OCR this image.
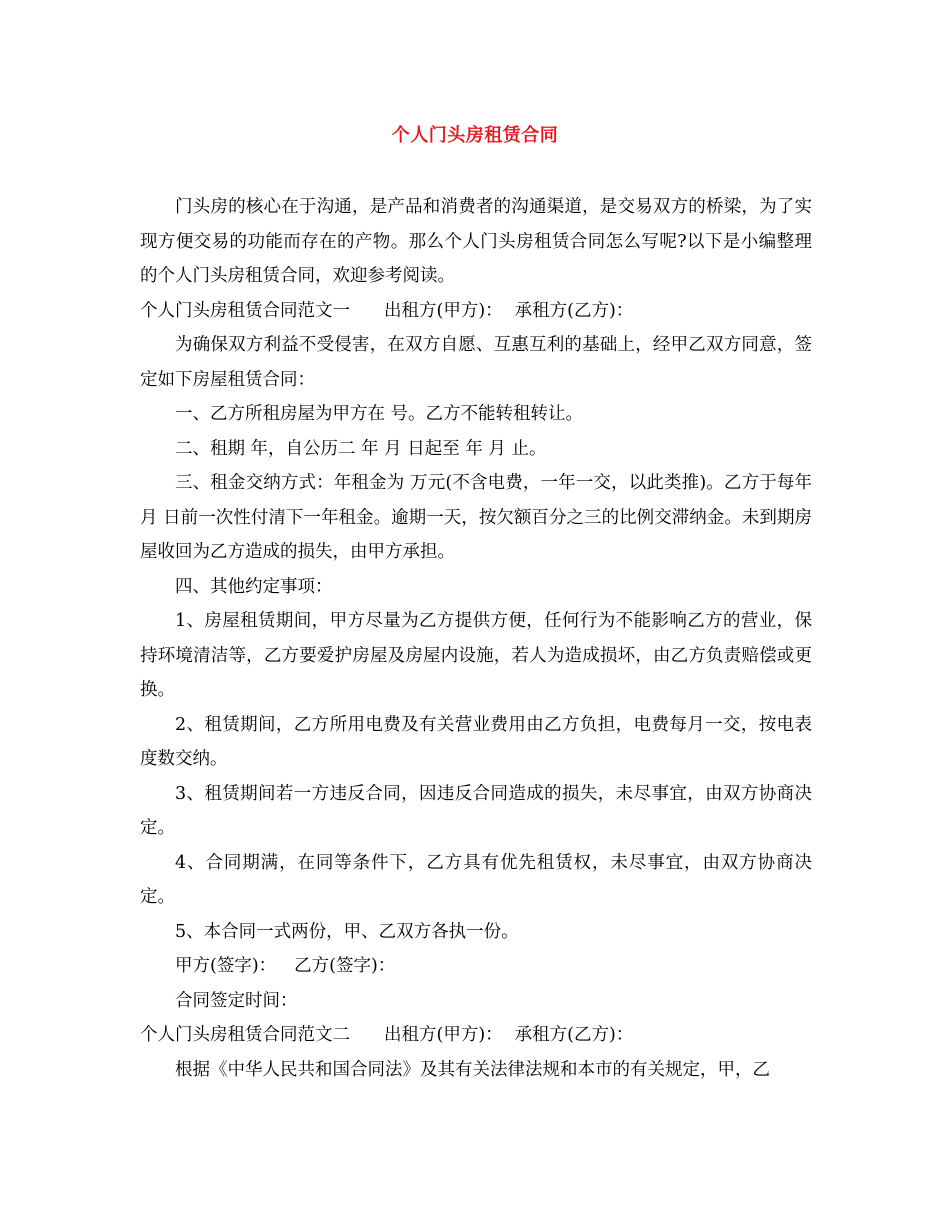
个人门头房租赁合同

门头房的核心在于沟通，是产品和消费者的沟通渠道，是交易双方的桥梁，为了实现方便交易的功能而存在的产物。那么个人门头房租赁合同怎么写呢?以下是小编整理的个人门头房租赁合同，欢迎参考阅读。

个人门头房租赁合同范文一 出租方(甲方)： 承租方(乙方)：

为确保双方利益不受侵害，在双方自愿、互惠互利的基础上，经甲乙双方同意，签定如下房屋租赁合同：

一、乙方所租房屋为甲方在 号。乙方不能转租转让。

二、租期 年，自公历二 年 月 日起至 年 月 止。

三、租金交纳方式：年租金为 万元(不含电费，一年一交，以此类推)。乙方于每年 月 日前一次性付清下一年租金。逾期一天，按欠额百分之三的比例交滞纳金。未到期房屋收回为乙方造成的损失，由甲方承担。

四、其他约定事项：

1、房屋租赁期间，甲方尽量为乙方提供方便，任何行为不能影响乙方的营业，保持环境清洁等，乙方要爱护房屋及房屋内设施，若人为造成损坏，由乙方负责赔偿或更换。

2、租赁期间，乙方所用电费及有关营业费用由乙方负担，电费每月一交，按电表度数交纳。

3、租赁期间若一方违反合同，因违反合同造成的损失，未尽事宜，由双方协商决定。

4、合同期满，在同等条件下，乙方具有优先租赁权，未尽事宜，由双方协商决定。

5、本合同一式两份，甲、乙双方各执一份。

甲方(签字)： 乙方(签字)：

合同签定时间：

个人门头房租赁合同范文二 出租方(甲方)： 承租方(乙方)：

根据《中华人民共和国合同法》及其有关法律法规和本市的有关规定，甲，乙
